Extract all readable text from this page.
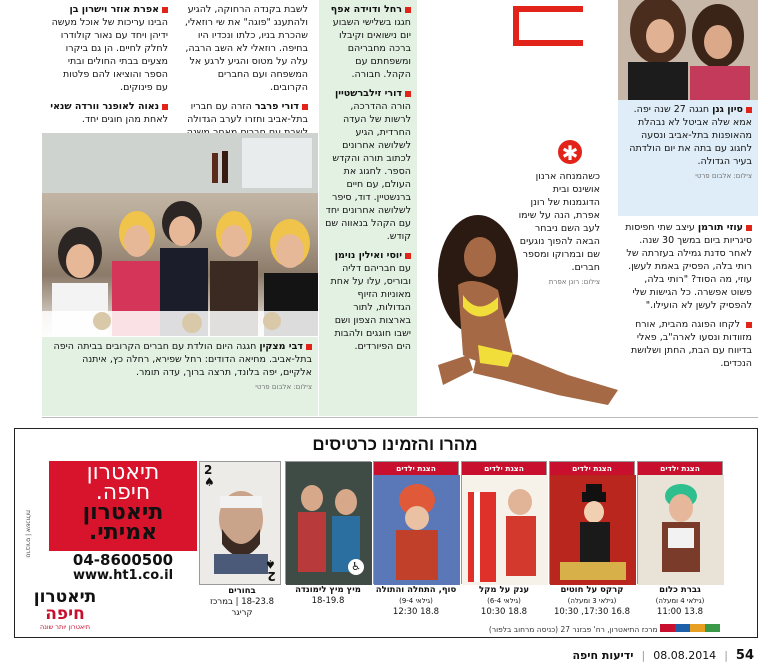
אפרת אוזר וישרון בן הבינו עריכות של אוכל מעשה ידיהן ויחד עם נאור קולודרו לחלק לחיים. הן גם ביקרו מצעים בבתי החולים ובתי הספר והוציאו להם פלטות עם פינוקים.
נאוה לאופנר וורדה שנאי לאחת מהן חוגים יחד.
לשבת בקנדה הרחוקה, להגיע ולהתענג "פוגה" את שי רוזאלי, שהכרת בניו, כלתו ונכדיו היו בחיפה. רוזאלי לא השב הרבה, עלה על מטוס והגיע לרגע אל המשפחה ועם החברים הקרובים.
דורי פרבר הזרה עם חבריו בתל-אביב וחזרו לערב הגדולה
דבי מצקין חגגה היום הולדת עם חברים הקרובים בביתה היפה בתל-אביב. מחיאה הדודים: רחל שפירא, רחלה כץ, איתנה אלקיים, יפה בלונד, תרצה ברוך, עדה תומר.
צילום: אלבום פרטי
רחל ודוידה אפף חגגו בשלישי השבוע יום נישואים וקיבלו ברכה מחבריהם ומשפחתם עם הקהל. חבורה.
דורי זילברשטיין הורה ההדרכה, לרשות של העדה החרדית, הגיע לשלושה אחרונים לכתוב תורה והקדש הספר. לחגוג את העולם, עם חיים ברנשטיין. דוד, סיפר לשלושה אחרונים יחד עם הקהל בנאווה שם קודש.
יוסי ואילין נוימן עם חבריהם דליה ובוריס, עלו על אחת מאוניות הזיוף הגדולות, לתור בארצות הצפון ושם ישבו חוגגים ולהבות הים הפיורדים.
✱
כשהמנחה ארנון אושינס ובית הדוגמנות של רונן אפרת, הנה על שימו לעב השם ניבחר הבאה להפוך נוגעים שם ובמרוקו ומספר חברים.
צילום: רונן אפרת
סיון גנן חגגה 27 שנה יפה. אמא שלה אביטל לא נבהלת מהאופנות בתל-אביב ונסעה לחגוג עם בתה את יום הולדתה בעיר הגדולה.
צילום: אלבום פרטי
עוזי תורמן עיצב שתי חפיסות סיגריות ביום במשך 30 שנה. לאחר סדנת גמילה בעזרתה של רותי בלה, הפסיק באמת לעשן. עוזי, מה הסוד? "רותי בלה, פשוט אפשרה. כל הגישות שלי להפסיק לעשן לא הועילו."
לקחו הפוגה מהבית, אורח מזוודות ונסעו לארה"ב, פאלי בדיווח עם הבת, החתן ושלושת הנכדים.
מהרו והזמינו כרטיסים
טרבורס | אשכולות
תיאטרון
חיפה
תיאטרון יותר שונה
תיאטרון
חיפה.
תיאטרון
אמיתי.
04-8600500
www.ht1.co.il
2
♠
2
♠
בחורים
18-23.8 | במרכז קריגר
הצגת ילדים
גברת כלום
(גילאי 4 ומעלה)
13.8 11:00
הצגת ילדים
קרקס על חוטים
(גילאי 3 ומעלה)
16.8 17:30, 10:30
הצגת ילדים
ענק על מקל
(גילאי 6-4)
18.8 10:30
הצגת ילדים
סוף, התחלה והתולה
(גילאי 9-4)
18.8 12:30
♿
מיץ מיץ לימונדה
18-19.8
מרכז התיאטרון, רח' פבזנר 27 (כניסה מרחוב בלפור)
54
|
08.08.2014
|
ידיעות חיפה
